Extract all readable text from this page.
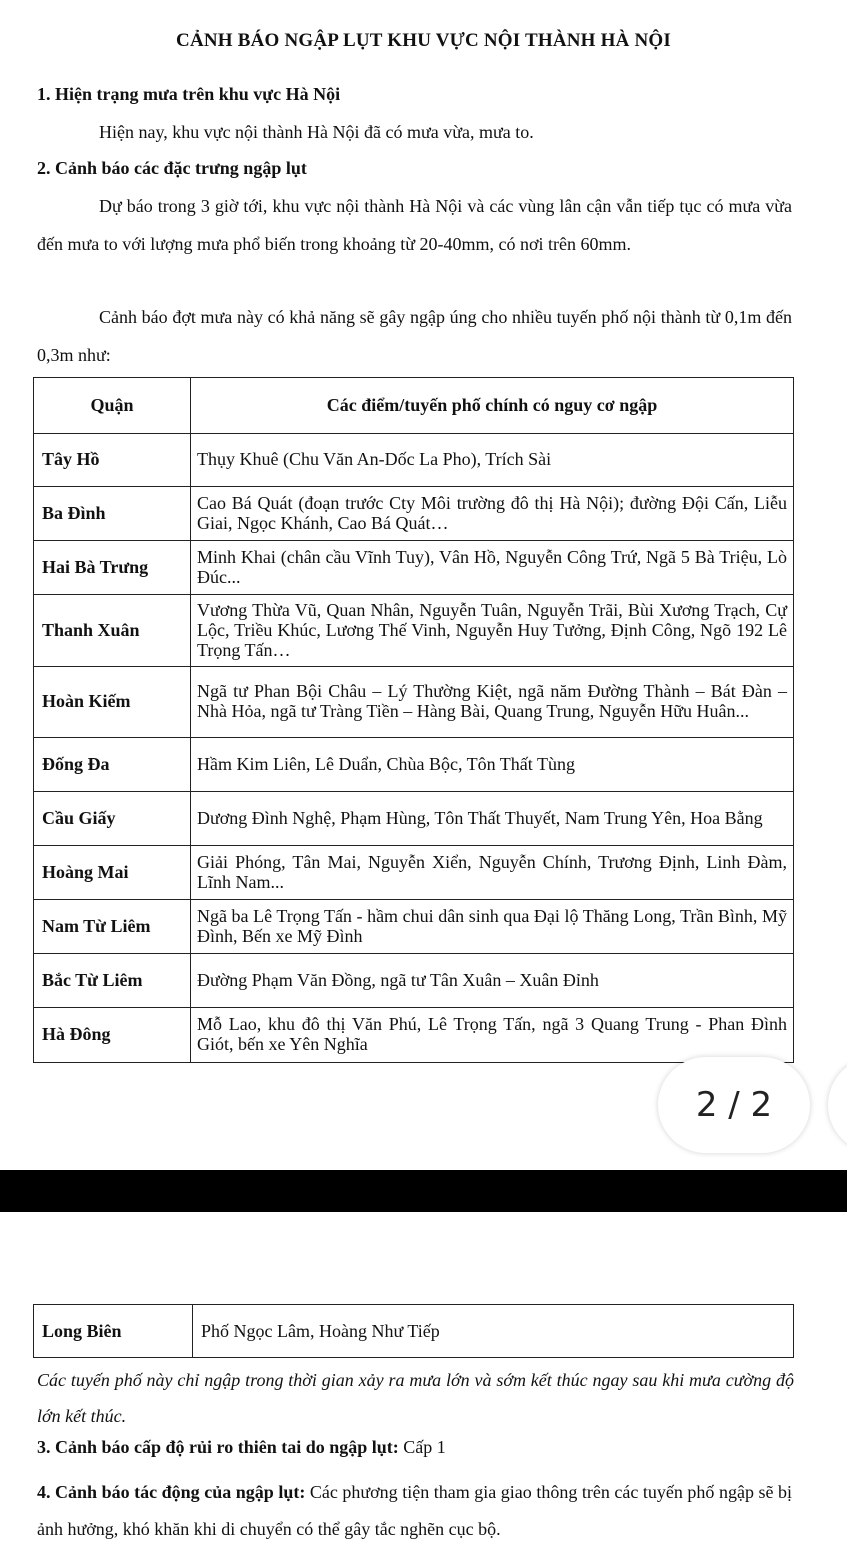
CẢNH BÁO NGẬP LỤT KHU VỰC NỘI THÀNH HÀ NỘI
1. Hiện trạng mưa trên khu vực Hà Nội
Hiện nay, khu vực nội thành Hà Nội đã có mưa vừa, mưa to.
2. Cảnh báo các đặc trưng ngập lụt
Dự báo trong 3 giờ tới, khu vực nội thành Hà Nội và các vùng lân cận vẫn tiếp tục có mưa vừa đến mưa to với lượng mưa phổ biến trong khoảng từ 20-40mm, có nơi trên 60mm.
Cảnh báo đợt mưa này có khả năng sẽ gây ngập úng cho nhiều tuyến phố nội thành từ 0,1m đến 0,3m như:
Quận	Các điểm/tuyến phố chính có nguy cơ ngập
Tây Hồ	Thụy Khuê (Chu Văn An-Dốc La Pho), Trích Sài
Ba Đình	Cao Bá Quát (đoạn trước Cty Môi trường đô thị Hà Nội); đường Đội Cấn, Liễu Giai, Ngọc Khánh, Cao Bá Quát…
Hai Bà Trưng	Minh Khai (chân cầu Vĩnh Tuy), Vân Hồ, Nguyễn Công Trứ, Ngã 5 Bà Triệu, Lò Đúc...
Thanh Xuân	Vương Thừa Vũ, Quan Nhân, Nguyễn Tuân, Nguyễn Trãi, Bùi Xương Trạch, Cự Lộc, Triều Khúc, Lương Thế Vinh, Nguyễn Huy Tưởng, Định Công, Ngõ 192 Lê Trọng Tấn…
Hoàn Kiếm	Ngã tư Phan Bội Châu – Lý Thường Kiệt, ngã năm Đường Thành – Bát Đàn – Nhà Hỏa, ngã tư Tràng Tiền – Hàng Bài, Quang Trung, Nguyễn Hữu Huân...
Đống Đa	Hầm Kim Liên, Lê Duẩn, Chùa Bộc, Tôn Thất Tùng
Cầu Giấy	Dương Đình Nghệ, Phạm Hùng, Tôn Thất Thuyết, Nam Trung Yên, Hoa Bằng
Hoàng Mai	Giải Phóng, Tân Mai, Nguyễn Xiển, Nguyễn Chính, Trương Định, Linh Đàm, Lĩnh Nam...
Nam Từ Liêm	Ngã ba Lê Trọng Tấn - hầm chui dân sinh qua Đại lộ Thăng Long, Trần Bình, Mỹ Đình, Bến xe Mỹ Đình
Bắc Từ Liêm	Đường Phạm Văn Đồng, ngã tư Tân Xuân – Xuân Đỉnh
Hà Đông	Mỗ Lao, khu đô thị Văn Phú, Lê Trọng Tấn, ngã 3 Quang Trung - Phan Đình Giót, bến xe Yên Nghĩa
2 / 2
Long Biên	Phố Ngọc Lâm, Hoàng Như Tiếp
Các tuyến phố này chỉ ngập trong thời gian xảy ra mưa lớn và sớm kết thúc ngay sau khi mưa cường độ lớn kết thúc.
3. Cảnh báo cấp độ rủi ro thiên tai do ngập lụt: Cấp 1
4. Cảnh báo tác động của ngập lụt: Các phương tiện tham gia giao thông trên các tuyến phố ngập sẽ bị ảnh hưởng, khó khăn khi di chuyển có thể gây tắc nghẽn cục bộ.
